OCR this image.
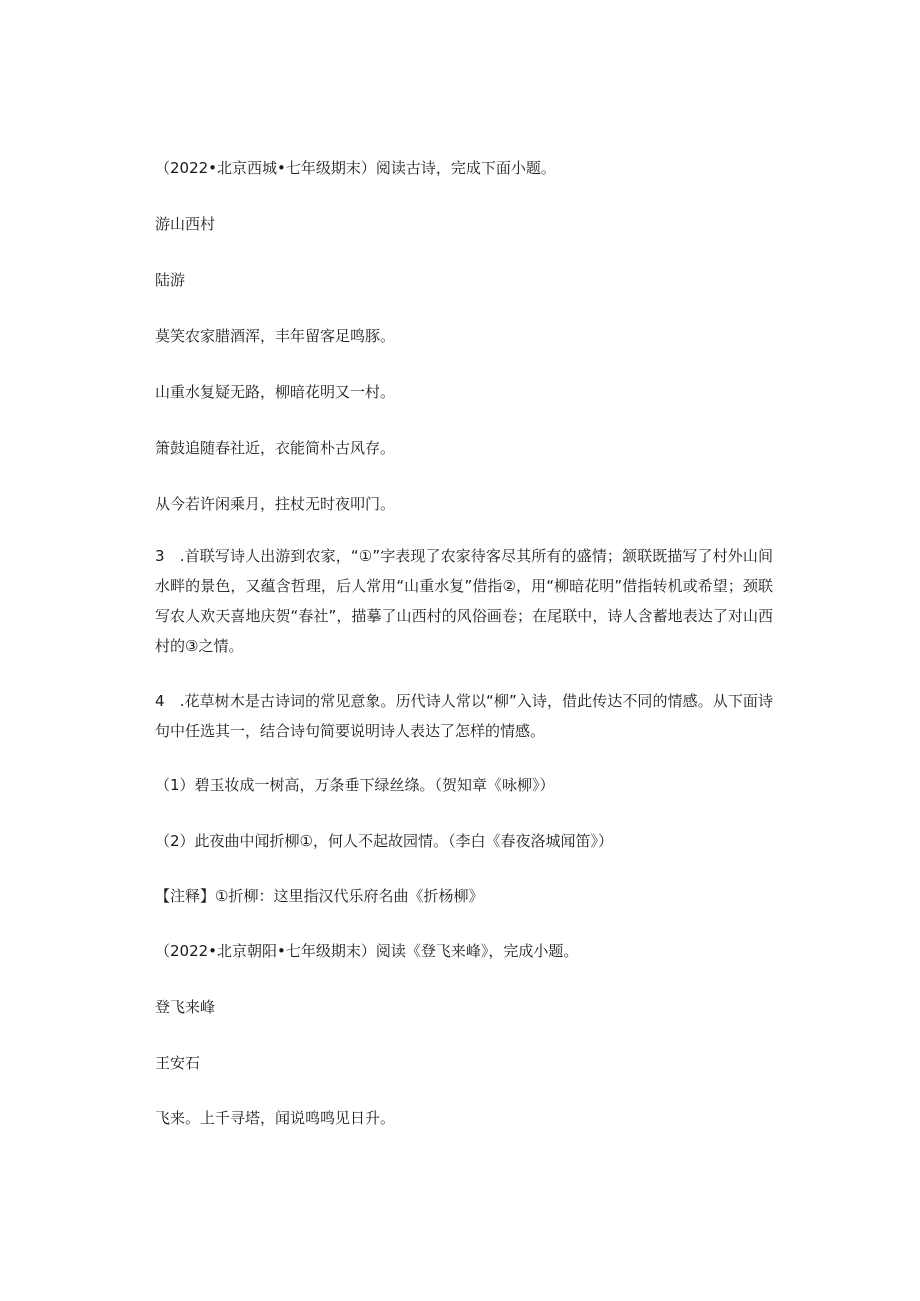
（2022•北京西城•七年级期末）阅读古诗，完成下面小题。

游山西村

陆游

莫笑农家腊酒浑，丰年留客足鸣豚。

山重水复疑无路，柳暗花明又一村。

箫鼓追随春社近，衣能简朴古风存。

从今若许闲乘月，拄杖无时夜叩门。

3　.首联写诗人出游到农家，“①”字表现了农家待客尽其所有的盛情；颔联既描写了村外山间水畔的景色，又蕴含哲理，后人常用“山重水复”借指②，用“柳暗花明”借指转机或希望；颈联写农人欢天喜地庆贺“春社”，描摹了山西村的风俗画卷；在尾联中，诗人含蓄地表达了对山西村的③之情。

4　.花草树木是古诗词的常见意象。历代诗人常以“柳”入诗，借此传达不同的情感。从下面诗句中任选其一，结合诗句简要说明诗人表达了怎样的情感。

（1）碧玉妆成一树高，万条垂下绿丝绦。（贺知章《咏柳》）

（2）此夜曲中闻折柳①，何人不起故园情。（李白《春夜洛城闻笛》）

【注释】①折柳：这里指汉代乐府名曲《折杨柳》

（2022•北京朝阳•七年级期末）阅读《登飞来峰》，完成小题。

登飞来峰

王安石

飞来。上千寻塔，闻说鸣鸣见日升。
